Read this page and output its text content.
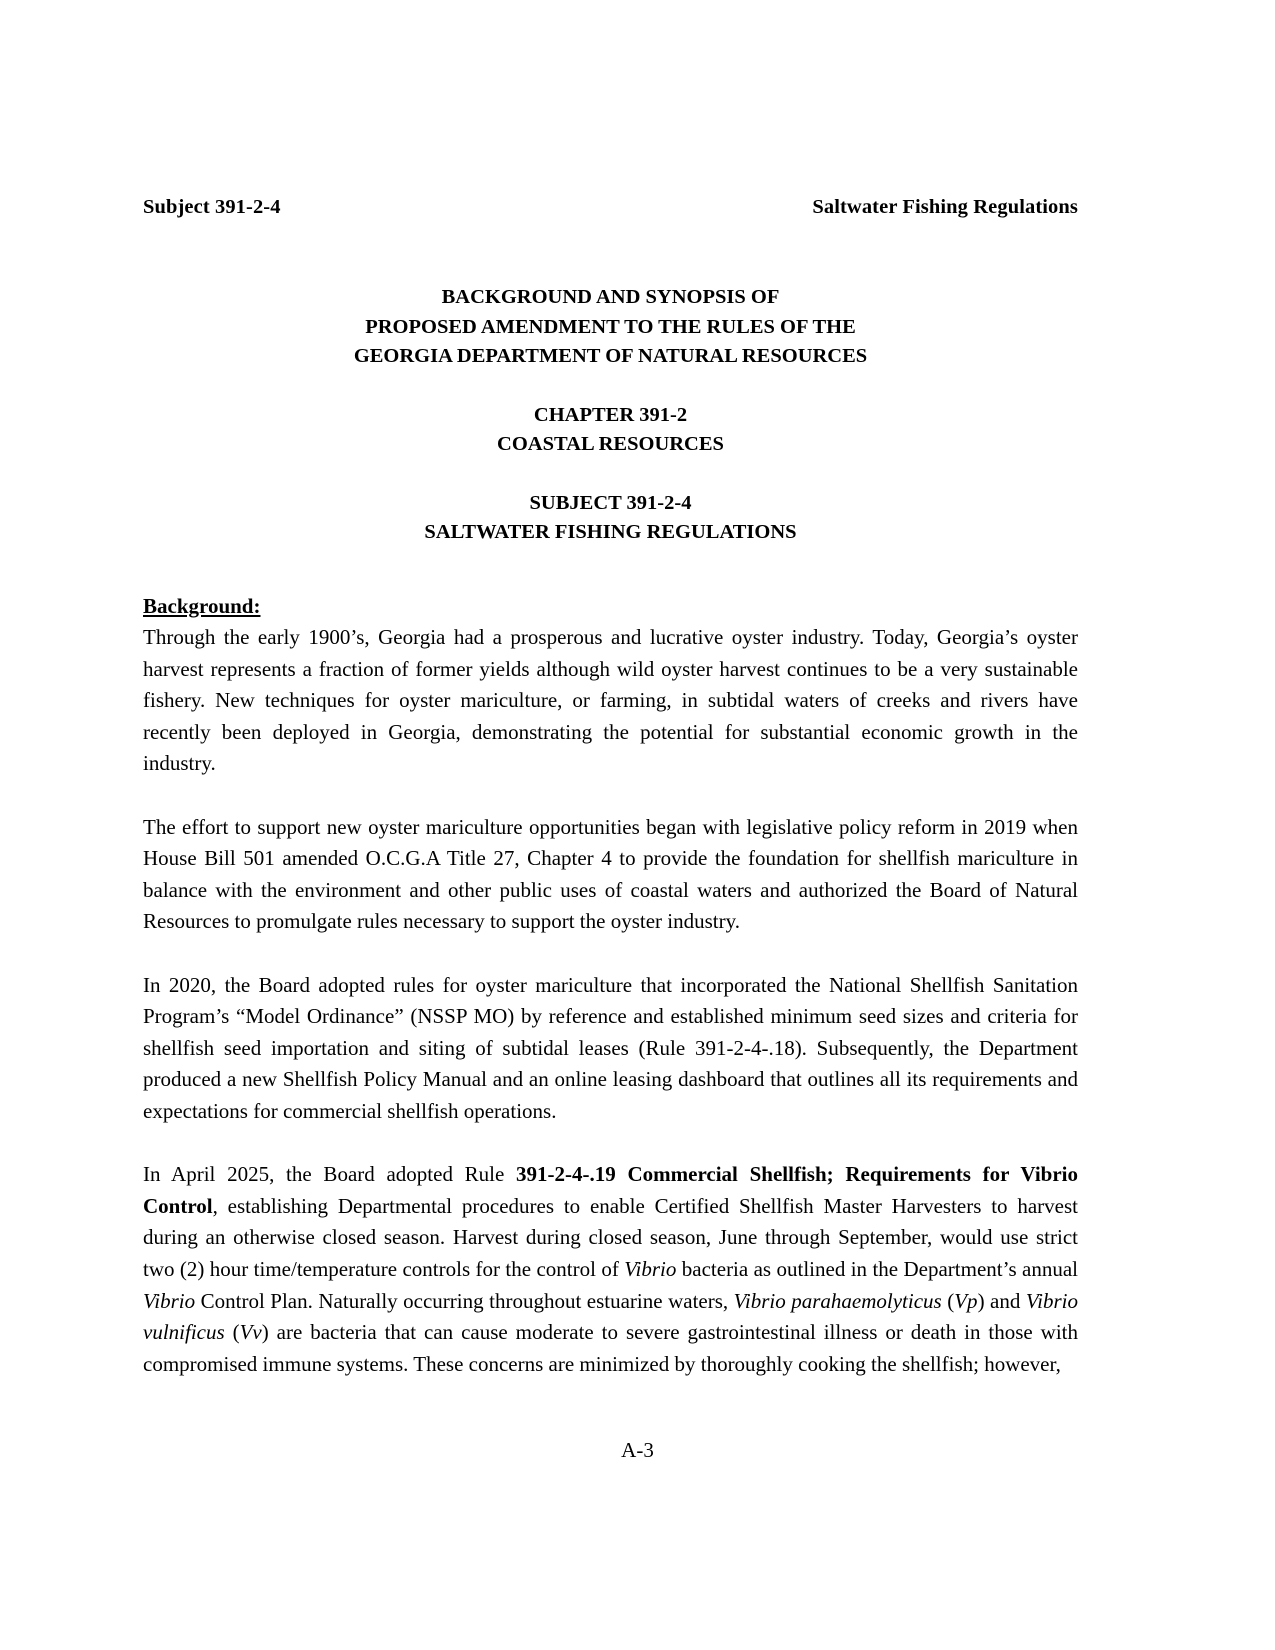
Subject 391-2-4	Saltwater Fishing Regulations
BACKGROUND AND SYNOPSIS OF
PROPOSED AMENDMENT TO THE RULES OF THE
GEORGIA DEPARTMENT OF NATURAL RESOURCES
CHAPTER 391-2
COASTAL RESOURCES
SUBJECT 391-2-4
SALTWATER FISHING REGULATIONS

Background:

Through the early 1900’s, Georgia had a prosperous and lucrative oyster industry. Today, Georgia’s oyster harvest represents a fraction of former yields although wild oyster harvest continues to be a very sustainable fishery. New techniques for oyster mariculture, or farming, in subtidal waters of creeks and rivers have recently been deployed in Georgia, demonstrating the potential for substantial economic growth in the industry.

The effort to support new oyster mariculture opportunities began with legislative policy reform in 2019 when House Bill 501 amended O.C.G.A Title 27, Chapter 4 to provide the foundation for shellfish mariculture in balance with the environment and other public uses of coastal waters and authorized the Board of Natural Resources to promulgate rules necessary to support the oyster industry.

In 2020, the Board adopted rules for oyster mariculture that incorporated the National Shellfish Sanitation Program’s “Model Ordinance” (NSSP MO) by reference and established minimum seed sizes and criteria for shellfish seed importation and siting of subtidal leases (Rule 391-2-4-.18). Subsequently, the Department produced a new Shellfish Policy Manual and an online leasing dashboard that outlines all its requirements and expectations for commercial shellfish operations.

In April 2025, the Board adopted Rule 391-2-4-.19 Commercial Shellfish; Requirements for Vibrio Control, establishing Departmental procedures to enable Certified Shellfish Master Harvesters to harvest during an otherwise closed season. Harvest during closed season, June through September, would use strict two (2) hour time/temperature controls for the control of Vibrio bacteria as outlined in the Department’s annual Vibrio Control Plan. Naturally occurring throughout estuarine waters, Vibrio parahaemolyticus (Vp) and Vibrio vulnificus (Vv) are bacteria that can cause moderate to severe gastrointestinal illness or death in those with compromised immune systems. These concerns are minimized by thoroughly cooking the shellfish; however,

A-3
